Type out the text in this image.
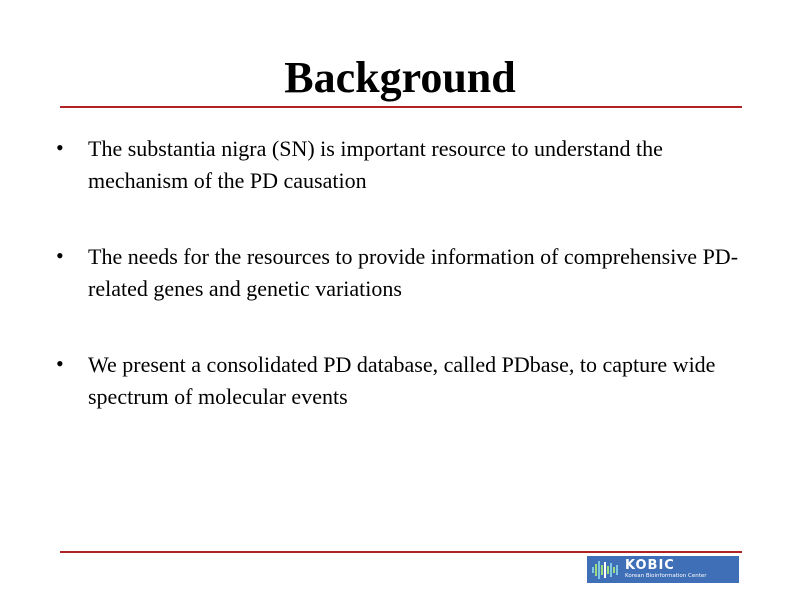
Background
• The substantia nigra (SN) is important resource to understand the mechanism of the PD causation
• The needs for the resources to provide information of comprehensive PD-related genes and genetic variations
• We present a consolidated PD database, called PDbase, to capture wide spectrum of molecular events
KOBIC
Korean Bioinformation Center
